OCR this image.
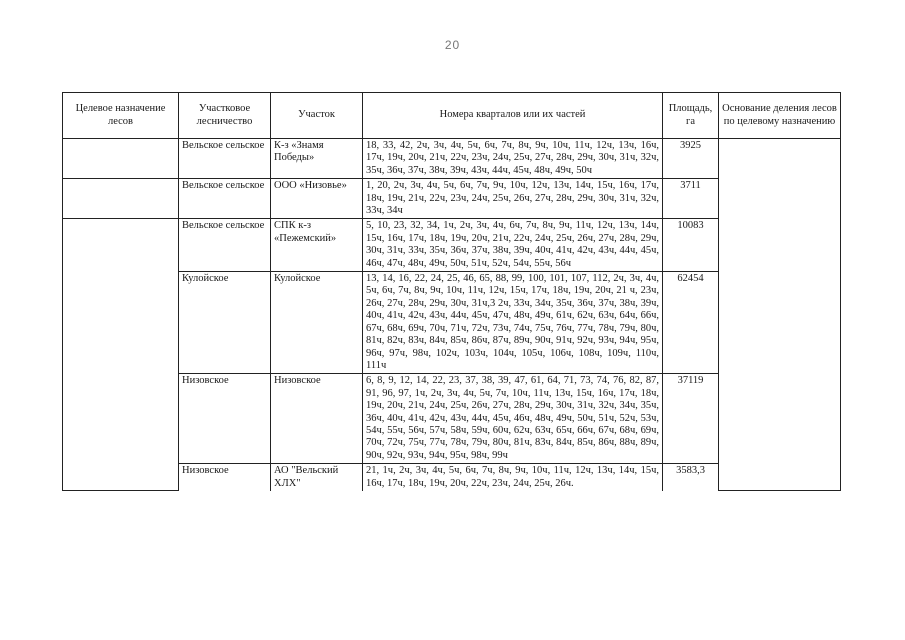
20
Целевое назначение лесов	Участковое лесничество	Участок	Номера кварталов или их частей	Площадь, га	Основание деления лесов по целевому назначению
	Вельское сельское	К-з «Знамя Победы»	18, 33, 42, 2ч, 3ч, 4ч, 5ч, 6ч, 7ч, 8ч, 9ч, 10ч, 11ч, 12ч, 13ч, 16ч, 17ч, 19ч, 20ч, 21ч, 22ч, 23ч, 24ч, 25ч, 27ч, 28ч, 29ч, 30ч, 31ч, 32ч, 35ч, 36ч, 37ч, 38ч, 39ч, 43ч, 44ч, 45ч, 48ч, 49ч, 50ч	3925	
	Вельское сельское	ООО «Низовье»	1, 20, 2ч, 3ч, 4ч, 5ч, 6ч, 7ч, 9ч, 10ч, 12ч, 13ч, 14ч, 15ч, 16ч, 17ч, 18ч, 19ч, 21ч, 22ч, 23ч, 24ч, 25ч, 26ч, 27ч, 28ч, 29ч, 30ч, 31ч, 32ч, 33ч, 34ч	3711	
	Вельское сельское	СПК к-з «Пежемский»	5, 10, 23, 32, 34, 1ч, 2ч, 3ч, 4ч, 6ч, 7ч, 8ч, 9ч, 11ч, 12ч, 13ч, 14ч, 15ч, 16ч, 17ч, 18ч, 19ч, 20ч, 21ч, 22ч, 24ч, 25ч, 26ч, 27ч, 28ч, 29ч, 30ч, 31ч, 33ч, 35ч, 36ч, 37ч, 38ч, 39ч, 40ч, 41ч, 42ч, 43ч, 44ч, 45ч, 46ч, 47ч, 48ч, 49ч, 50ч, 51ч, 52ч, 54ч, 55ч, 56ч	10083	
	Кулойское	Кулойское	13, 14, 16, 22, 24, 25, 46, 65, 88, 99, 100, 101, 107, 112, 2ч, 3ч, 4ч, 5ч, 6ч, 7ч, 8ч, 9ч, 10ч, 11ч, 12ч, 15ч, 17ч, 18ч, 19ч, 20ч, 21 ч, 23ч, 26ч, 27ч, 28ч, 29ч, 30ч, 31ч,3 2ч, 33ч, 34ч, 35ч, 36ч, 37ч, 38ч, 39ч, 40ч, 41ч, 42ч, 43ч, 44ч, 45ч, 47ч, 48ч, 49ч, 61ч, 62ч, 63ч, 64ч, 66ч, 67ч, 68ч, 69ч, 70ч, 71ч, 72ч, 73ч, 74ч, 75ч, 76ч, 77ч, 78ч, 79ч, 80ч, 81ч, 82ч, 83ч, 84ч, 85ч, 86ч, 87ч, 89ч, 90ч, 91ч, 92ч, 93ч, 94ч, 95ч, 96ч, 97ч, 98ч, 102ч, 103ч, 104ч, 105ч, 106ч, 108ч, 109ч, 110ч, 111ч	62454	
	Низовское	Низовское	6, 8, 9, 12, 14, 22, 23, 37, 38, 39, 47, 61, 64, 71, 73, 74, 76, 82, 87, 91, 96, 97, 1ч, 2ч, 3ч, 4ч, 5ч, 7ч, 10ч, 11ч, 13ч, 15ч, 16ч, 17ч, 18ч, 19ч, 20ч, 21ч, 24ч, 25ч, 26ч, 27ч, 28ч, 29ч, 30ч, 31ч, 32ч, 34ч, 35ч, 36ч, 40ч, 41ч, 42ч, 43ч, 44ч, 45ч, 46ч, 48ч, 49ч, 50ч, 51ч, 52ч, 53ч, 54ч, 55ч, 56ч, 57ч, 58ч, 59ч, 60ч, 62ч, 63ч, 65ч, 66ч, 67ч, 68ч, 69ч, 70ч, 72ч, 75ч, 77ч, 78ч, 79ч, 80ч, 81ч, 83ч, 84ч, 85ч, 86ч, 88ч, 89ч, 90ч, 92ч, 93ч, 94ч, 95ч, 98ч, 99ч	37119	
	Низовское	АО "Вельский ХЛХ"	21, 1ч, 2ч, 3ч, 4ч, 5ч, 6ч, 7ч, 8ч, 9ч, 10ч, 11ч, 12ч, 13ч, 14ч, 15ч, 16ч, 17ч, 18ч, 19ч, 20ч, 22ч, 23ч, 24ч, 25ч, 26ч.	3583,3	
